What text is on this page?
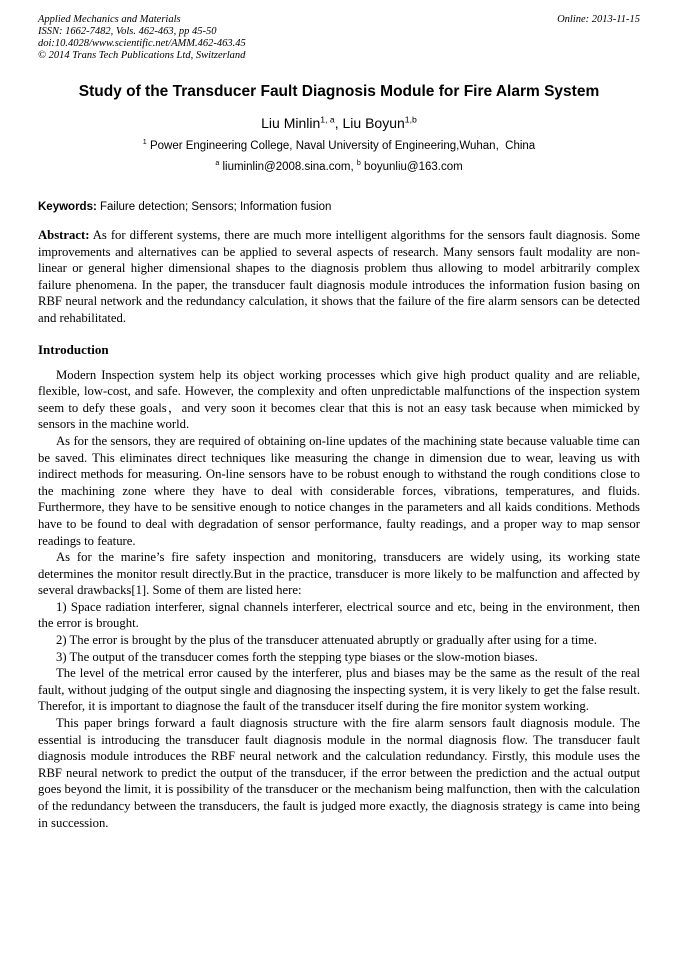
Applied Mechanics and Materials
ISSN: 1662-7482, Vols. 462-463, pp 45-50
doi:10.4028/www.scientific.net/AMM.462-463.45
© 2014 Trans Tech Publications Ltd, Switzerland
Online: 2013-11-15
Study of the Transducer Fault Diagnosis Module for Fire Alarm System
Liu Minlin$^{1, a}$, Liu Boyun$^{1,b}$
$^1$ Power Engineering College, Naval University of Engineering,Wuhan,  China
$^a$ liuminlin@2008.sina.com, $^b$ boyunliu@163.com
Keywords: Failure detection; Sensors; Information fusion
Abstract: As for different systems, there are much more intelligent algorithms for the sensors fault diagnosis. Some improvements and alternatives can be applied to several aspects of research. Many sensors fault modality are non-linear or general higher dimensional shapes to the diagnosis problem thus allowing to model arbitrarily complex failure phenomena. In the paper, the transducer fault diagnosis module introduces the information fusion basing on RBF neural network and the redundancy calculation, it shows that the failure of the fire alarm sensors can be detected and rehabilitated.
Introduction

Modern Inspection system help its object working processes which give high product quality and are reliable, flexible, low-cost, and safe. However, the complexity and often unpredictable malfunctions of the inspection system seem to defy these goals，and very soon it becomes clear that this is not an easy task because when mimicked by sensors in the machine world.

As for the sensors, they are required of obtaining on-line updates of the machining state because valuable time can be saved. This eliminates direct techniques like measuring the change in dimension due to wear, leaving us with indirect methods for measuring. On-line sensors have to be robust enough to withstand the rough conditions close to the machining zone where they have to deal with considerable forces, vibrations, temperatures, and fluids. Furthermore, they have to be sensitive enough to notice changes in the parameters and all kaids conditions. Methods have to be found to deal with degradation of sensor performance, faulty readings, and a proper way to map sensor readings to feature.

As for the marine’s fire safety inspection and monitoring, transducers are widely using, its working state determines the monitor result directly.But in the practice, transducer is more likely to be malfunction and affected by several drawbacks[1]. Some of them are listed here:

1) Space radiation interferer, signal channels interferer, electrical source and etc, being in the environment, then the error is brought.

2) The error is brought by the plus of the transducer attenuated abruptly or gradually after using for a time.

3) The output of the transducer comes forth the stepping type biases or the slow-motion biases.

The level of the metrical error caused by the interferer, plus and biases may be the same as the result of the real fault, without judging of the output single and diagnosing the inspecting system, it is very likely to get the false result. Therefor, it is important to diagnose the fault of the transducer itself during the fire monitor system working.

This paper brings forward a fault diagnosis structure with the fire alarm sensors fault diagnosis module. The essential is introducing the transducer fault diagnosis module in the normal diagnosis flow. The transducer fault diagnosis module introduces the RBF neural network and the calculation redundancy. Firstly, this module uses the RBF neural network to predict the output of the transducer, if the error between the prediction and the actual output goes beyond the limit, it is possibility of the transducer or the mechanism being malfunction, then with the calculation of the redundancy between the transducers, the fault is judged more exactly, the diagnosis strategy is came into being in succession.
